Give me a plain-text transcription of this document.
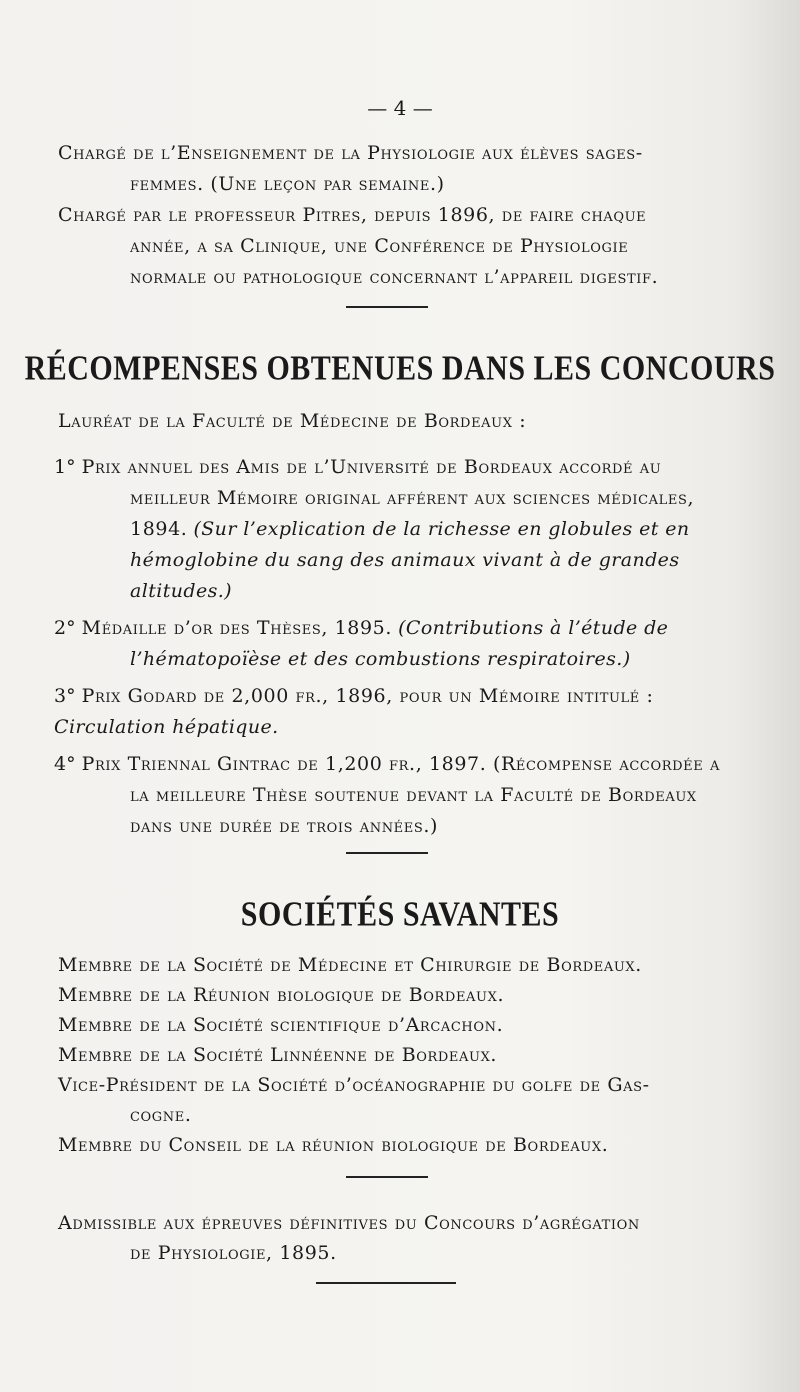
— 4 —

Chargé de l’Enseignement de la Physiologie aux élèves sages-
femmes. (Une leçon par semaine.)

Chargé par le professeur Pitres, depuis 1896, de faire chaque
année, a sa Clinique, une Conférence de Physiologie
normale ou pathologique concernant l’appareil digestif.

RÉCOMPENSES OBTENUES DANS LES CONCOURS
Lauréat de la Faculté de Médecine de Bordeaux :

1° Prix annuel des Amis de l’Université de Bordeaux accordé au meilleur Mémoire original afférent aux sciences médicales, 1894. (Sur l’explication de la richesse en globules et en hémoglobine du sang des animaux vivant à de grandes altitudes.)

2° Médaille d’or des Thèses, 1895. (Contributions à l’étude de l’hématopoïèse et des combustions respiratoires.)

3° Prix Godard de 2,000 fr., 1896, pour un Mémoire intitulé :
Circulation hépatique.

4° Prix Triennal Gintrac de 1,200 fr., 1897. (Récompense accordée a la meilleure Thèse soutenue devant la Faculté de Bordeaux dans une durée de trois années.)

SOCIÉTÉS SAVANTES

Membre de la Société de Médecine et Chirurgie de Bordeaux.

Membre de la Réunion biologique de Bordeaux.

Membre de la Société scientifique d’Arcachon.

Membre de la Société Linnéenne de Bordeaux.

Vice-Président de la Société d’océanographie du golfe de Gas-

cogne.

Membre du Conseil de la réunion biologique de Bordeaux.

Admissible aux épreuves définitives du Concours d’agrégation

de Physiologie, 1895.
